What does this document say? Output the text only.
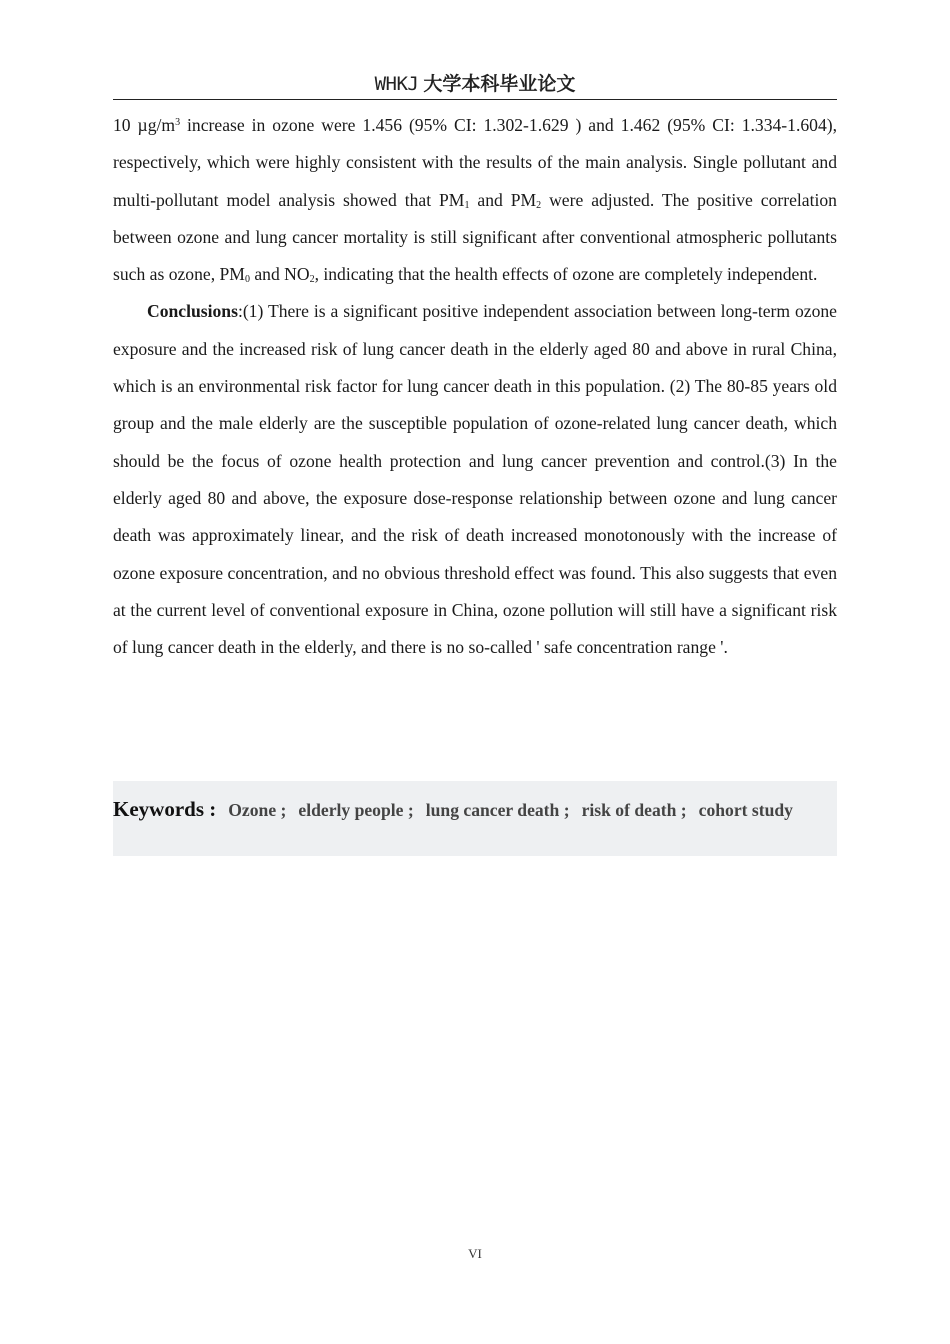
WHKJ 大学本科毕业论文

10 $\mu g/m^3$ increase in ozone were 1.456 (95% CI: 1.302-1.629 ) and 1.462 (95% CI: 1.334-1.604), respectively, which were highly consistent with the results of the main analysis. Single pollutant and multi-pollutant model analysis showed that $PM_1$ and $PM_2$ were adjusted. The positive correlation between ozone and lung cancer mortality is still significant after conventional atmospheric pollutants such as ozone, $PM_0$ and $NO_2$, indicating that the health effects of ozone are completely independent.

Conclusions:(1) There is a significant positive independent association between long-term ozone exposure and the increased risk of lung cancer death in the elderly aged 80 and above in rural China, which is an environmental risk factor for lung cancer death in this population. (2) The 80-85 years old group and the male elderly are the susceptible population of ozone-related lung cancer death, which should be the focus of ozone health protection and lung cancer prevention and control.(3) In the elderly aged 80 and above, the exposure dose-response relationship between ozone and lung cancer death was approximately linear, and the risk of death increased monotonously with the increase of ozone exposure concentration, and no obvious threshold effect was found. This also suggests that even at the current level of conventional exposure in China, ozone pollution will still have a significant risk of lung cancer death in the elderly, and there is no so-called ' safe concentration range '.

Keywords : Ozone ; elderly people ; lung cancer death ; risk of death ; cohort study
VI
